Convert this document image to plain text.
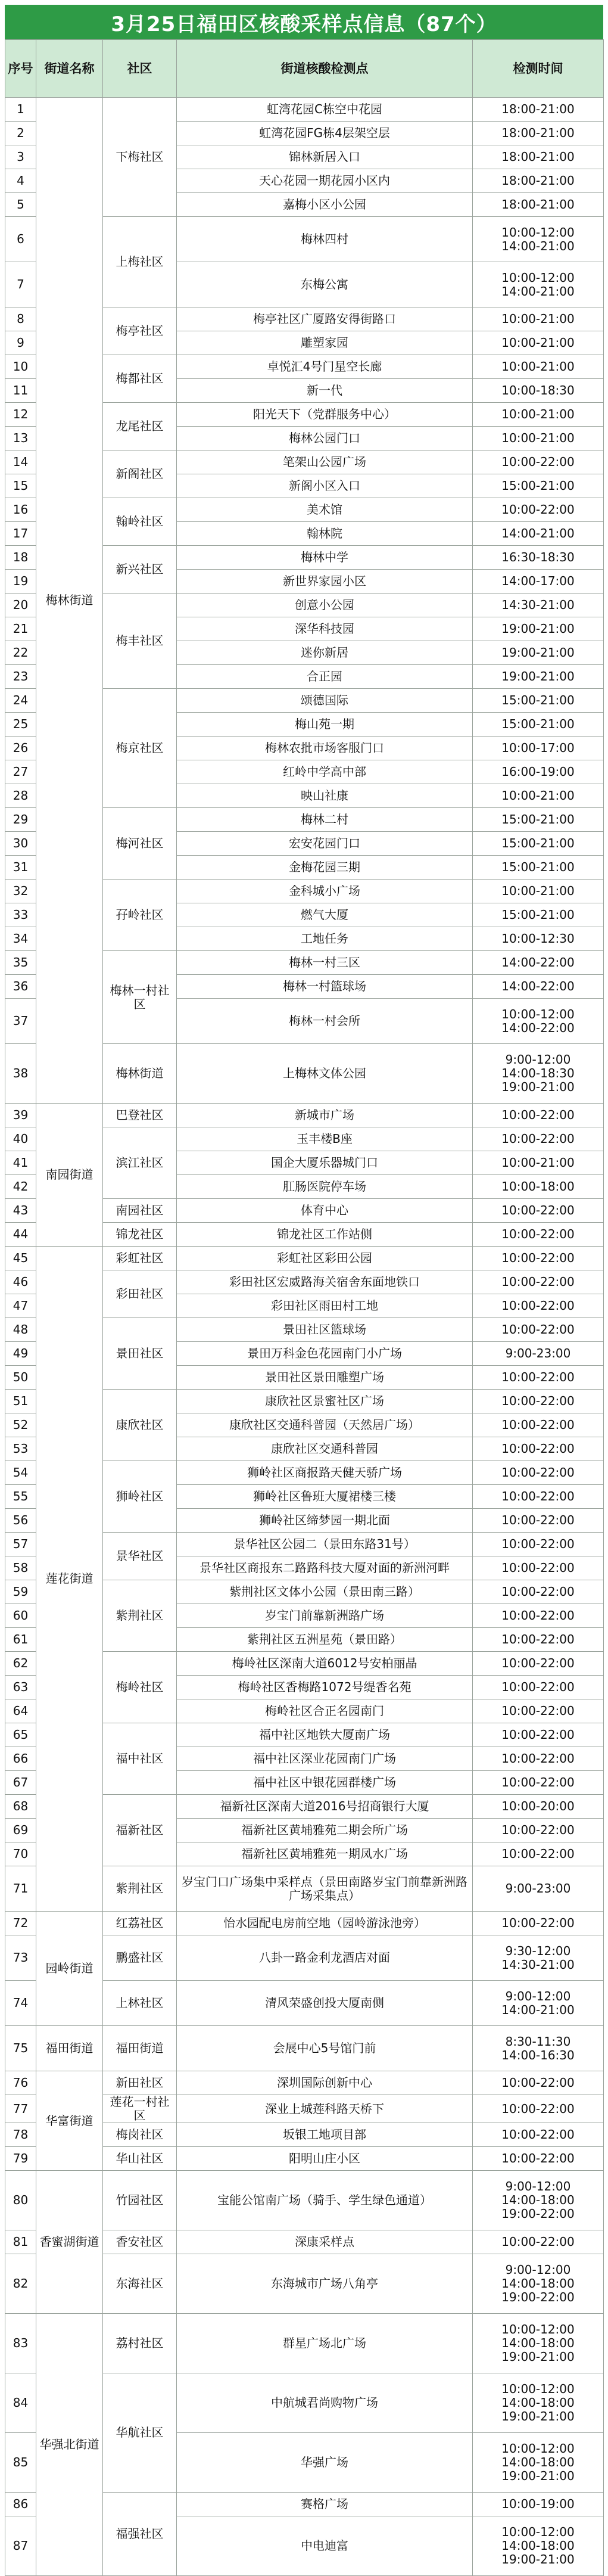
3月25日福田区核酸采样点信息（87个）
序号	街道名称	社区	街道核酸检测点	检测时间

1	梅林街道	下梅社区	虹湾花园C栋空中花园	18:00-21:00

2			虹湾花园FG栋4层架空层	18:00-21:00

3			锦林新居入口	18:00-21:00

4			天心花园一期花园小区内	18:00-21:00

5			嘉梅小区小公园	18:00-21:00

6		上梅社区	梅林四村	10:00-12:00
14:00-21:00

7			东梅公寓	10:00-12:00
14:00-21:00

8		梅亭社区	梅亭社区广厦路安得街路口	10:00-21:00

9			雕塑家园	10:00-21:00

10		梅都社区	卓悦汇4号门星空长廊	10:00-21:00

11			新一代	10:00-18:30

12		龙尾社区	阳光天下（党群服务中心）	10:00-21:00

13			梅林公园门口	10:00-21:00

14		新阁社区	笔架山公园广场	10:00-22:00

15			新阁小区入口	15:00-21:00

16		翰岭社区	美术馆	10:00-22:00

17			翰林院	14:00-21:00

18		新兴社区	梅林中学	16:30-18:30

19			新世界家园小区	14:00-17:00

20		梅丰社区	创意小公园	14:30-21:00

21			深华科技园	19:00-21:00

22			迷你新居	19:00-21:00

23			合正园	19:00-21:00

24		梅京社区	颂德国际	15:00-21:00

25			梅山苑一期	15:00-21:00

26			梅林农批市场客服门口	10:00-17:00

27			红岭中学高中部	16:00-19:00

28			映山社康	10:00-21:00

29		梅河社区	梅林二村	15:00-21:00

30			宏安花园门口	15:00-21:00

31			金梅花园三期	15:00-21:00

32		孖岭社区	金科城小广场	10:00-21:00

33			燃气大厦	15:00-21:00

34			工地任务	10:00-12:30

35		梅林一村社区	梅林一村三区	14:00-22:00

36			梅林一村篮球场	14:00-22:00

37			梅林一村会所	10:00-12:00
14:00-22:00

38		梅林街道	上梅林文体公园	9:00-12:00
14:00-18:30
19:00-21:00

39	南园街道	巴登社区	新城市广场	10:00-22:00

40		滨江社区	玉丰楼B座	10:00-22:00

41			国企大厦乐器城门口	10:00-21:00

42			肛肠医院停车场	10:00-18:00

43		南园社区	体育中心	10:00-22:00

44		锦龙社区	锦龙社区工作站侧	10:00-22:00

45	莲花街道	彩虹社区	彩虹社区彩田公园	10:00-22:00

46		彩田社区	彩田社区宏威路海关宿舍东面地铁口	10:00-22:00

47			彩田社区雨田村工地	10:00-22:00

48		景田社区	景田社区篮球场	10:00-22:00

49			景田万科金色花园南门小广场	9:00-23:00

50			景田社区景田雕塑广场	10:00-22:00

51		康欣社区	康欣社区景蜜社区广场	10:00-22:00

52			康欣社区交通科普园（天然居广场）	10:00-22:00

53			康欣社区交通科普园	10:00-22:00

54		狮岭社区	狮岭社区商报路天健天骄广场	10:00-22:00

55			狮岭社区鲁班大厦裙楼三楼	10:00-22:00

56			狮岭社区缔梦园一期北面	10:00-22:00

57		景华社区	景华社区公园二（景田东路31号）	10:00-22:00

58			景华社区商报东二路路科技大厦对面的新洲河畔	10:00-22:00

59		紫荆社区	紫荆社区文体小公园（景田南三路）	10:00-22:00

60			岁宝门前靠新洲路广场	10:00-22:00

61			紫荆社区五洲星苑（景田路）	10:00-22:00

62		梅岭社区	梅岭社区深南大道6012号安柏丽晶	10:00-22:00

63			梅岭社区香梅路1072号缇香名苑	10:00-22:00

64			梅岭社区合正名园南门	10:00-22:00

65		福中社区	福中社区地铁大厦南广场	10:00-22:00

66			福中社区深业花园南门广场	10:00-22:00

67			福中社区中银花园群楼广场	10:00-22:00

68		福新社区	福新社区深南大道2016号招商银行大厦	10:00-20:00

69			福新社区黄埔雅苑二期会所广场	10:00-22:00

70			福新社区黄埔雅苑一期凤水广场	10:00-22:00

71		紫荆社区	岁宝门口广场集中采样点（景田南路岁宝门前靠新洲路广场采集点）	9:00-23:00

72	园岭街道	红荔社区	怡水园配电房前空地（园岭游泳池旁）	10:00-22:00

73		鹏盛社区	八卦一路金利龙酒店对面	9:30-12:00
14:30-21:00

74		上林社区	清风荣盛创投大厦南侧	9:00-12:00
14:00-21:00

75	福田街道	福田街道	会展中心5号馆门前	8:30-11:30
14:00-16:30

76	华富街道	新田社区	深圳国际创新中心	10:00-22:00

77		莲花一村社区	深业上城莲科路天桥下	10:00-22:00

78		梅岗社区	坂银工地项目部	10:00-22:00

79		华山社区	阳明山庄小区	10:00-22:00

80	香蜜湖街道	竹园社区	宝能公馆南广场（骑手、学生绿色通道）	9:00-12:00
14:00-18:00
19:00-22:00

81		香安社区	深康采样点	10:00-22:00

82		东海社区	东海城市广场八角亭	9:00-12:00
14:00-18:00
19:00-22:00

83	华强北街道	荔村社区	群星广场北广场	10:00-12:00
14:00-18:00
19:00-21:00

84		华航社区	中航城君尚购物广场	10:00-12:00
14:00-18:00
19:00-21:00

85			华强广场	10:00-12:00
14:00-18:00
19:00-21:00

86		福强社区	赛格广场	10:00-19:00

87			中电迪富	10:00-12:00
14:00-18:00
19:00-21:00
